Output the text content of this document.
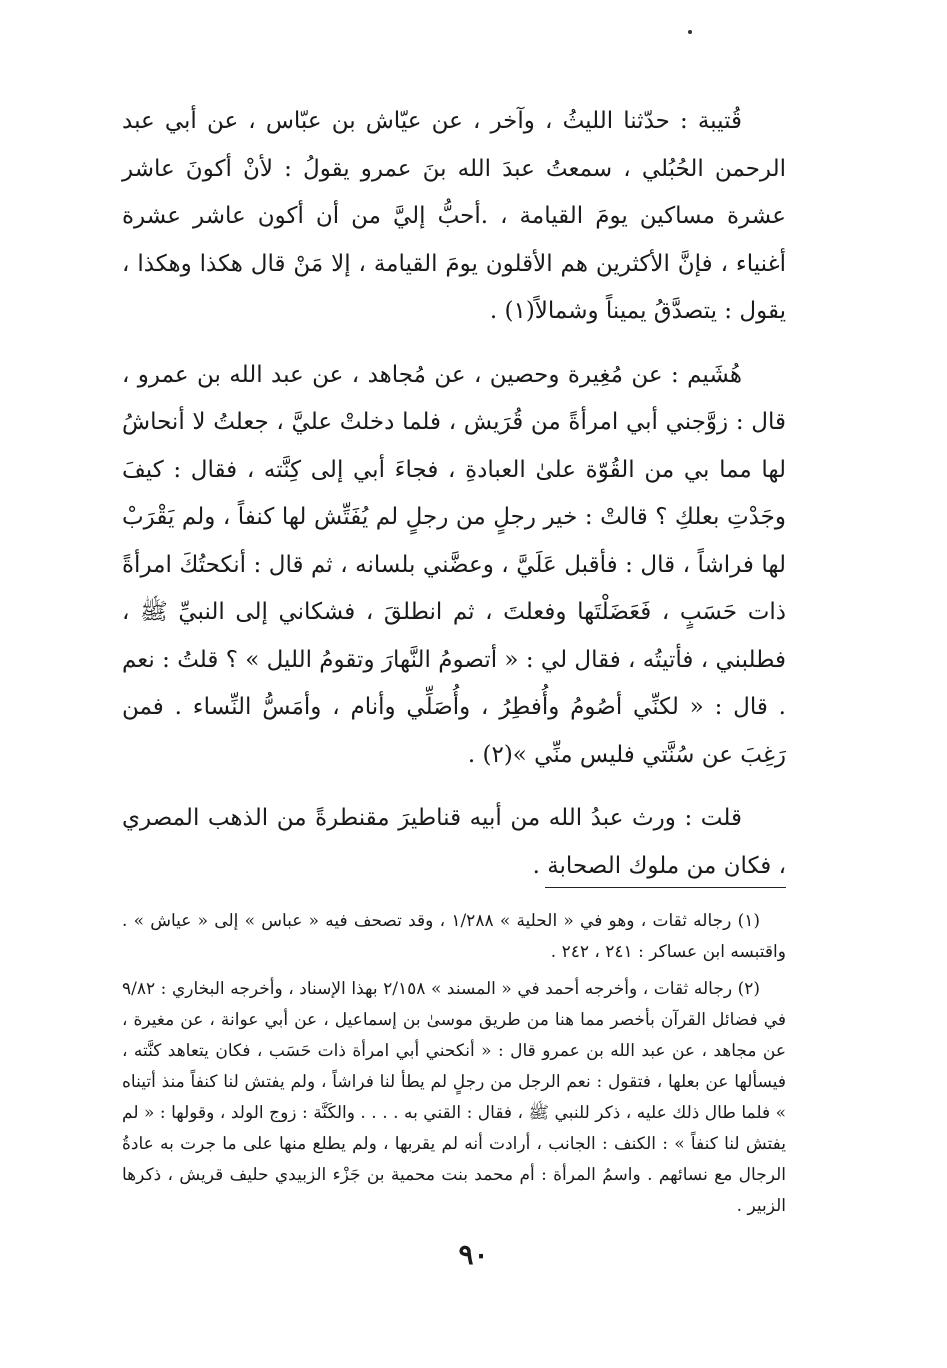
قُتيبة : حدّثنا الليثُ ، وآخر ، عن عيّاش بن عبّاس ، عن أبي عبد الرحمن الحُبُلي ، سمعتُ عبدَ الله بنَ عمرو يقولُ : لأنْ أكونَ عاشر عشرة مساكين يومَ القيامة ، .أحبُّ إليَّ من أن أكون عاشر عشرة أغنياء ، فإنَّ الأكثرين هم الأقلون يومَ القيامة ، إلا مَنْ قال هكذا وهكذا ، يقول : يتصدَّقُ يميناً وشمالاً(١) .

هُشَيم : عن مُغِيرة وحصين ، عن مُجاهد ، عن عبد الله بن عمرو ، قال : زوَّجني أبي امرأةً من قُرَيش ، فلما دخلتْ عليَّ ، جعلتُ لا أنحاشُ لها مما بي من القُوّة علىٰ العبادةِ ، فجاءَ أبي إلى كِنَّته ، فقال : كيفَ وجَدْتِ بعلكِ ؟ قالتْ : خير رجلٍ من رجلٍ لم يُفَتِّش لها كنفاً ، ولم يَقْرَبْ لها فراشاً ، قال : فأقبل عَلَيَّ ، وعضَّني بلسانه ، ثم قال : أنكحتُكَ امرأةً ذات حَسَبٍ ، فَعَضَلْتَها وفعلتَ ، ثم انطلقَ ، فشكاني إلى النبيِّ ﷺ ، فطلبني ، فأتيتُه ، فقال لي : « أتصومُ النَّهارَ وتقومُ الليل » ؟ قلتُ : نعم . قال : « لكنِّي أصُومُ وأُفطِرُ ، وأُصَلِّي وأنام ، وأمَسُّ النِّساء . فمن رَغِبَ عن سُنَّتي فليس منِّي »(٢) .

قلت : ورث عبدُ الله من أبيه قناطيرَ مقنطرةً من الذهب المصري ، فكان من ملوك الصحابة .

(١) رجاله ثقات ، وهو في « الحلية » ١/٢٨٨ ، وقد تصحف فيه « عباس » إلى « عياش » . واقتبسه ابن عساكر : ٢٤١ ، ٢٤٢ .

(٢) رجاله ثقات ، وأخرجه أحمد في « المسند » ٢/١٥٨ بهذا الإسناد ، وأخرجه البخاري : ٩/٨٢ في فضائل القرآن بأخصر مما هنا من طريق موسىٰ بن إسماعيل ، عن أبي عوانة ، عن مغيرة ، عن مجاهد ، عن عبد الله بن عمرو قال : « أنكحني أبي امرأة ذات حَسَب ، فكان يتعاهد كنَّته ، فيسألها عن بعلها ، فتقول : نعم الرجل من رجلٍ لم يطأ لنا فراشاً ، ولم يفتش لنا كنفاً منذ أتيناه » فلما طال ذلك عليه ، ذكر للنبي ﷺ ، فقال : القني به . . . . والكَنَّة : زوج الولد ، وقولها : « لم يفتش لنا كنفاً » : الكنف : الجانب ، أرادت أنه لم يقربها ، ولم يطلع منها على ما جرت به عادةُ الرجال مع نسائهم . واسمُ المرأة : أم محمد بنت محمية بن جَزْء الزبيدي حليف قريش ، ذكرها الزبير .

٩٠
